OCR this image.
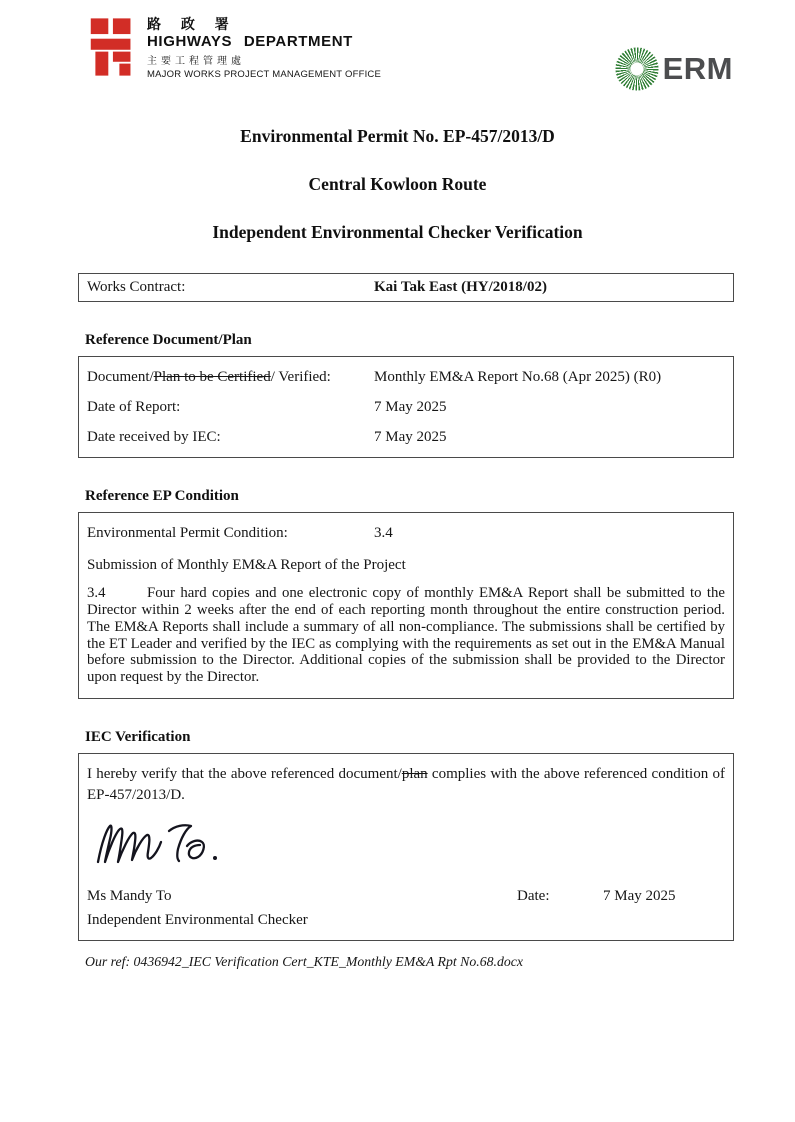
路 政 署
HIGHWAYS DEPARTMENT
主要工程管理處
MAJOR WORKS PROJECT MANAGEMENT OFFICE	ERM
Environmental Permit No. EP-457/2013/D
Central Kowloon Route
Independent Environmental Checker Verification
Works Contract:	Kai Tak East (HY/2018/02)
Reference Document/Plan
Document/Plan to be Certified/ Verified:	Monthly EM&A Report No.68 (Apr 2025) (R0)
Date of Report:	7 May 2025
Date received by IEC:	7 May 2025
Reference EP Condition
Environmental Permit Condition:	3.4
Submission of Monthly EM&A Report of the Project
3.4	Four hard copies and one electronic copy of monthly EM&A Report shall be submitted to the Director within 2 weeks after the end of each reporting month throughout the entire construction period. The EM&A Reports shall include a summary of all non-compliance. The submissions shall be certified by the ET Leader and verified by the IEC as complying with the requirements as set out in the EM&A Manual before submission to the Director. Additional copies of the submission shall be provided to the Director upon request by the Director.
IEC Verification
I hereby verify that the above referenced document/plan complies with the above referenced condition of EP-457/2013/D.
Ms Mandy To	Date:	7 May 2025
Independent Environmental Checker
Our ref: 0436942_IEC Verification Cert_KTE_Monthly EM&A Rpt No.68.docx
